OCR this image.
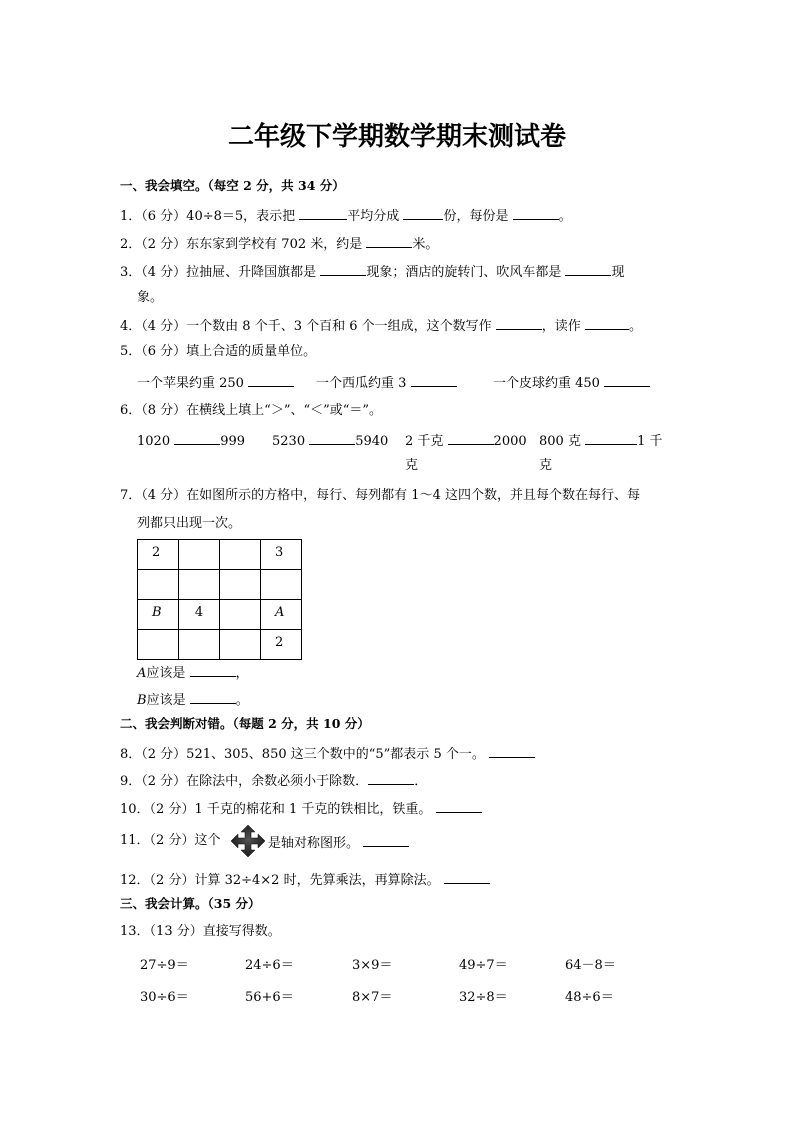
二年级下学期数学期末测试卷
一、我会填空。（每空 2 分，共 34 分）
1．（6 分）40÷8＝5，表示把	平均分成	份，每份是	。
2．（2 分）东东家到学校有 702 米，约是	米。
3．（4 分）拉抽屉、升降国旗都是	现象；酒店的旋转门、吹风车都是	现
象。
4．（4 分）一个数由 8 个千、3 个百和 6 个一组成，这个数写作	，读作	。
5．（6 分）填上合适的质量单位。
一个苹果约重 250	一个西瓜约重 3	一个皮球约重 450
6．（8 分）在横线上填上“＞”、“＜”或“＝”。
1020	999 5230	5940 2 千克	2000
克
800 克	1 千
克
7．（4 分）在如图所示的方格中，每行、每列都有 1～4 这四个数，并且每个数在每行、每
列都只出现一次。
2			3

B	4		A

			2
A应该是	，
B应该是	。
二、我会判断对错。（每题 2 分，共 10 分）
8．（2 分）521、305、850 这三个数中的“5”都表示 5 个一。
9．（2 分）在除法中，余数必须小于除数．	．
10．（2 分）1 千克的棉花和 1 千克的铁相比，铁重。
11．（2 分）这个	是轴对称图形。
12．（2 分）计算 32÷4×2 时，先算乘法，再算除法。
三、我会计算。（35 分）
13．（13 分）直接写得数。
27÷9＝	24÷6＝	3×9＝	49÷7＝	64－8＝
30÷6＝	56+6＝	8×7＝	32÷8＝	48÷6＝
